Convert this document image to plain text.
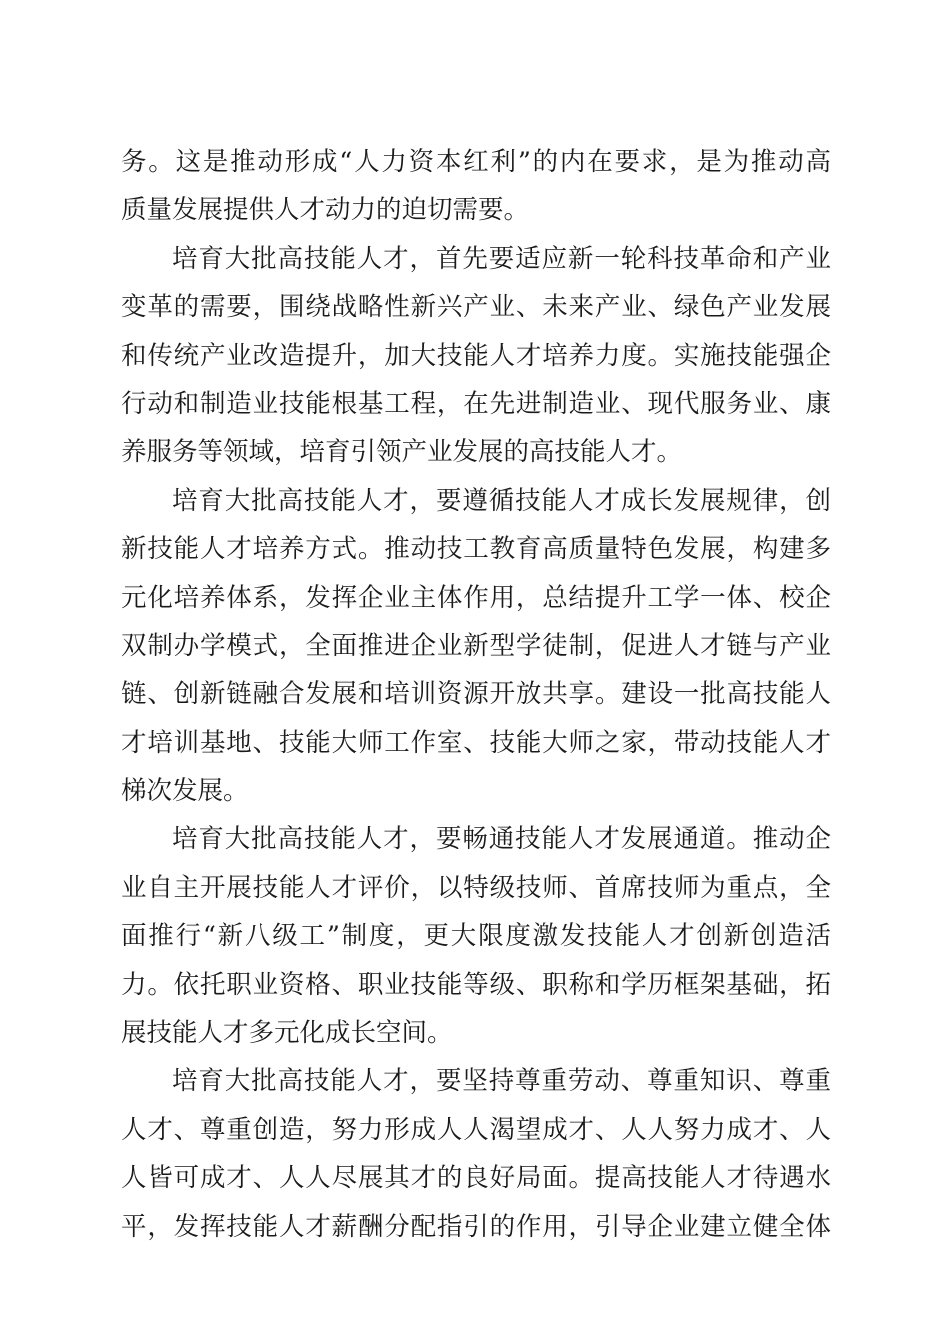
务。这是推动形成“人力资本红利”的内在要求，是为推动高
质量发展提供人才动力的迫切需要。

培育大批高技能人才，首先要适应新一轮科技革命和产业
变革的需要，围绕战略性新兴产业、未来产业、绿色产业发展
和传统产业改造提升，加大技能人才培养力度。实施技能强企
行动和制造业技能根基工程，在先进制造业、现代服务业、康
养服务等领域，培育引领产业发展的高技能人才。

培育大批高技能人才，要遵循技能人才成长发展规律，创
新技能人才培养方式。推动技工教育高质量特色发展，构建多
元化培养体系，发挥企业主体作用，总结提升工学一体、校企
双制办学模式，全面推进企业新型学徒制，促进人才链与产业
链、创新链融合发展和培训资源开放共享。建设一批高技能人
才培训基地、技能大师工作室、技能大师之家，带动技能人才
梯次发展。

培育大批高技能人才，要畅通技能人才发展通道。推动企
业自主开展技能人才评价，以特级技师、首席技师为重点，全
面推行“新八级工”制度，更大限度激发技能人才创新创造活
力。依托职业资格、职业技能等级、职称和学历框架基础，拓
展技能人才多元化成长空间。

培育大批高技能人才，要坚持尊重劳动、尊重知识、尊重
人才、尊重创造，努力形成人人渴望成才、人人努力成才、人
人皆可成才、人人尽展其才的良好局面。提高技能人才待遇水
平，发挥技能人才薪酬分配指引的作用，引导企业建立健全体
